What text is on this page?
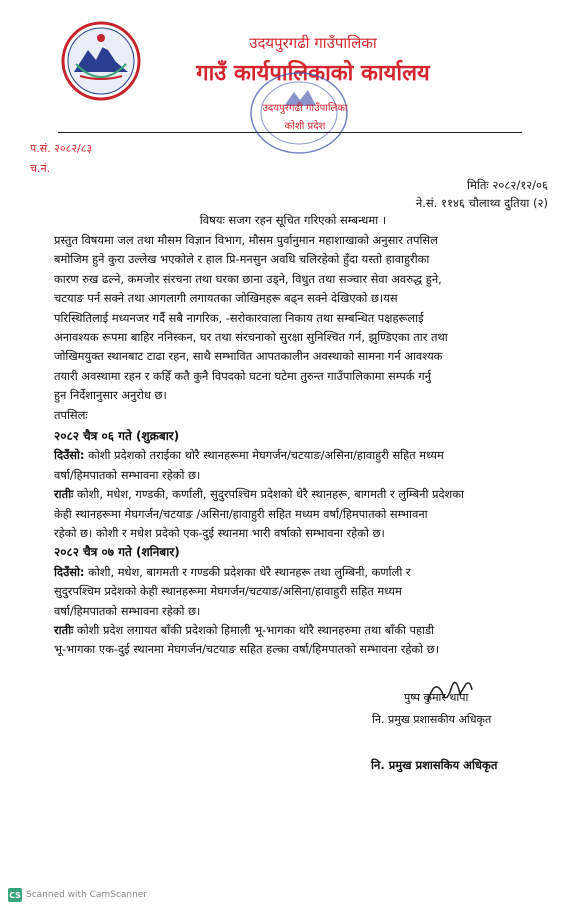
उदयपुरगढी गाउँपालिका
गाउँ कार्यपालिकाको कार्यालय
उदयपुरगढी गाउँपालिका
कोशी प्रदेश
प.सं. २०८२/८३
च.नं.
मितिः २०८२/१२/०६
ने.सं. ११४६ चौलाथ्व दुतिया (२)
विषयः सजग रहन सूचित गरिएको सम्बन्धमा ।
प्रस्तुत विषयमा जल तथा मौसम विज्ञान विभाग, मौसम पुर्वानुमान महाशाखाको अनुसार तपसिल
बमोजिम हुने कुरा उल्लेख भएकोले र हाल प्रि-मनसुन अवधि चलिरहेको हुँदा यस्तो हावाहुरीका
कारण रुख ढल्ने, कमजोर संरचना तथा घरका छाना उड्ने, विधुत तथा सञ्चार सेवा अवरुद्ध हुने,
चटयाङ पर्न सक्ने तथा आगलागी लगायतका जोखिमहरू बढ्न सक्ने देखिएको छ।यस
परिस्थितिलाई मध्यनजर गर्दै सबै नागरिक, -सरोकारवाला निकाय तथा सम्बन्धित पक्षहरूलाई
अनावश्यक रूपमा बाहिर ननिस्कन, घर तथा संरचनाको सुरक्षा सुनिश्चित गर्न, झुण्डिएका तार तथा
जोखिमयुक्त स्थानबाट टाढा रहन, साथै सम्भावित आपतकालीन अवस्थाको सामना गर्न आवश्यक
तयारी अवस्थामा रहन र कहिँ कतै कुनै विपदको घटना घटेमा तुरुन्त गाउँपालिकामा सम्पर्क गर्नु
हुन निर्देशानुसार अनुरोध छ।
तपसिलः
२०८२ चैत्र ०६ गते (शुक्रबार)
दिउँसो: कोशी प्रदेशको तराईका थोरै स्थानहरूमा मेघगर्जन/चटयाङ/असिना/हावाहुरी सहित मध्यम
वर्षा/हिमपातको सम्भावना रहेको छ।
रातीः कोशी, मधेश, गण्डकी, कर्णाली, सुदुरपश्चिम प्रदेशको धेरै स्थानहरू, बागमती र लुम्बिनी प्रदेशका
केही स्थानहरूमा मेघगर्जन/चटयाङ /असिना/हावाहुरी सहित मध्यम वर्षा/हिमपातको सम्भावना
रहेको छ। कोशी र मधेश प्रदेको एक-दुई स्थानमा भारी वर्षाको सम्भावना रहेको छ।
२०८२ चैत्र ०७ गते (शनिबार)
दिउँसो: कोशी, मधेश, बागमती र गण्डकी प्रदेशका धेरै स्थानहरू तथा लुम्बिनी, कर्णाली र
सुदुरपश्चिम प्रदेशको केही स्थानहरूमा मेघगर्जन/चटयाङ/असिना/हावाहुरी सहित मध्यम
वर्षा/हिमपातको सम्भावना रहेको छ।
रातीः कोशी प्रदेश लगायत बाँकी प्रदेशको हिमाली भू-भागका थोरै स्थानहरुमा तथा बाँकी पहाडी
भू-भागका एक-दुई स्थानमा मेघगर्जन/चटयाङ सहित हल्का वर्षा/हिमपातको सम्भावना रहेको छ।
पुष्प कुमार थापा
नि. प्रमुख प्रशासकीय अधिकृत
नि. प्रमुख प्रशासकिय अधिकृत
CS Scanned with CamScanner
